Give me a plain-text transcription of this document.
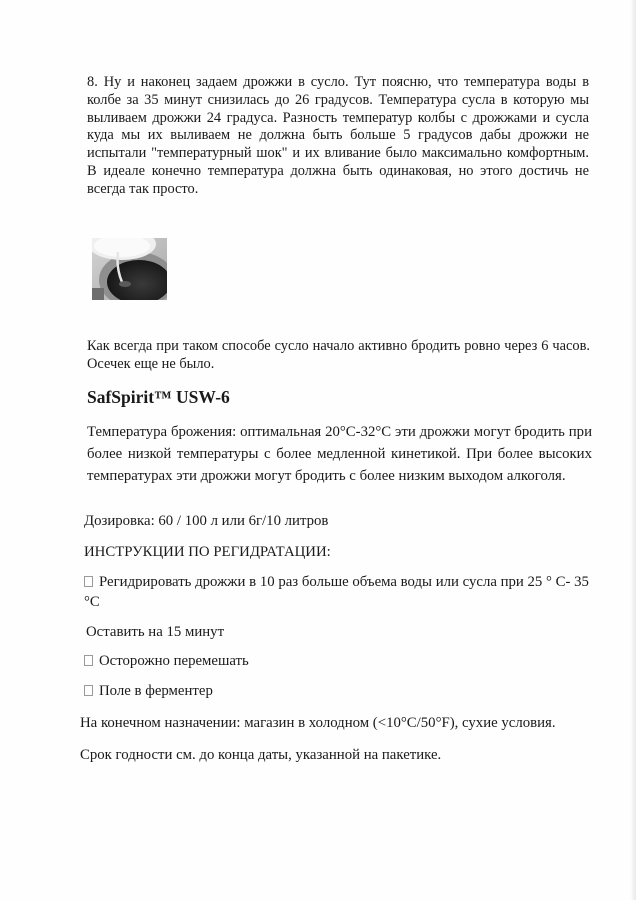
8. Ну и наконец задаем дрожжи в сусло. Тут поясню, что температура воды в колбе за 35 минут снизилась до 26 градусов. Температура сусла в которую мы выливаем дрожжи 24 градуса. Разность температур колбы с дрожжами и сусла куда мы их выливаем не должна быть больше 5 градусов дабы дрожжи не испытали "температурный шок" и их вливание было максимально комфортным. В идеале конечно температура должна быть одинаковая, но этого достичь не всегда так просто.

Как всегда при таком способе сусло начало активно бродить ровно через 6 часов. Осечек еще не было.

SafSpirit™ USW-6

Температура брожения: оптимальная 20°C-32°C эти дрожжи могут бродить при более низкой температуры с более медленной кинетикой. При более высоких температурах эти дрожжи могут бродить с более низким выходом алкоголя.

Дозировка: 60 / 100 л или 6г/10 литров

ИНСТРУКЦИИ ПО РЕГИДРАТАЦИИ:

Регидрировать дрожжи в 10 раз больше объема воды или сусла при 25 ° С- 35 °C

Оставить на 15 минут

Осторожно перемешать

Поле в ферментер

На конечном назначении: магазин в холодном (<10°C/50°F), сухие условия.

Срок годности см. до конца даты, указанной на пакетике.
